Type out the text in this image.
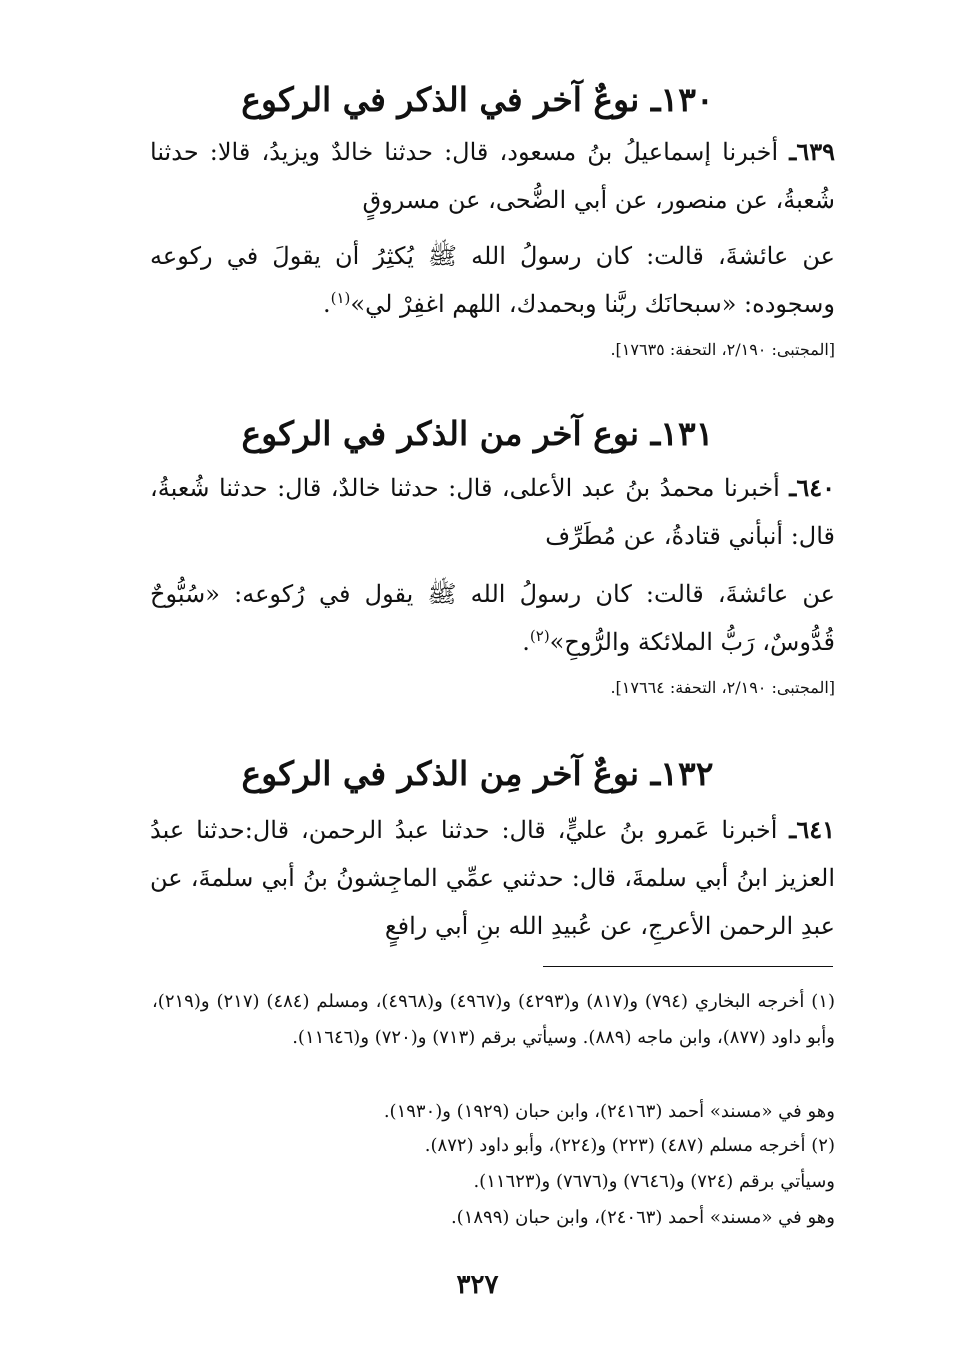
١٣٠ـ نوعٌ آخر في الذكر في الركوع
٦٣٩ـ أخبرنا إسماعيلُ بنُ مسعود، قال: حدثنا خالدٌ ويزيدُ، قالا: حدثنا شُعبةُ، عن منصور، عن أبي الضُّحى، عن مسروقٍ
عن عائشةَ، قالت: كان رسولُ الله ﷺ يُكثِرُ أن يقولَ في ركوعه وسجوده: «سبحانَك ربَّنا وبحمدك، اللهم اغفِرْ لي»$^{(١)}$.
[المجتبى: ٢/١٩٠، التحفة: ١٧٦٣٥].
١٣١ـ نوع آخر من الذكر في الركوع
٦٤٠ـ أخبرنا محمدُ بنُ عبد الأعلى، قال: حدثنا خالدٌ، قال: حدثنا شُعبةُ، قال: أنبأني قتادةُ، عن مُطَرِّف
عن عائشةَ، قالت: كان رسولُ الله ﷺ يقول في رُكوعه: «سُبُّوحٌ قُدُّوسٌ، رَبُّ الملائكة والرُّوحِ»$^{(٢)}$.
[المجتبى: ٢/١٩٠، التحفة: ١٧٦٦٤].
١٣٢ـ نوعٌ آخر مِن الذكر في الركوع
٦٤١ـ أخبرنا عَمرو بنُ عليٍّ، قال: حدثنا عبدُ الرحمن، قال:حدثنا عبدُ العزيز ابنُ أبي سلمةَ، قال: حدثني عمِّي الماجِشونُ بنُ أبي سلمةَ، عن عبدِ الرحمن الأعرجِ، عن عُبيدِ الله بنِ أبي رافعٍ
(١) أخرجه البخاري (٧٩٤) و(٨١٧) و(٤٢٩٣) و(٤٩٦٧) و(٤٩٦٨)، ومسلم (٤٨٤) (٢١٧) و(٢١٩)، وأبو داود (٨٧٧)، وابن ماجه (٨٨٩). وسيأتي برقم (٧١٣) و(٧٢٠) و(١١٦٤٦).
وهو في «مسند» أحمد (٢٤١٦٣)، وابن حبان (١٩٢٩) و(١٩٣٠).
(٢) أخرجه مسلم (٤٨٧) (٢٢٣) و(٢٢٤)، وأبو داود (٨٧٢).
وسيأتي برقم (٧٢٤) و(٧٦٤٦) و(٧٦٧٦) و(١١٦٢٣).
وهو في «مسند» أحمد (٢٤٠٦٣)، وابن حبان (١٨٩٩).
٣٢٧
